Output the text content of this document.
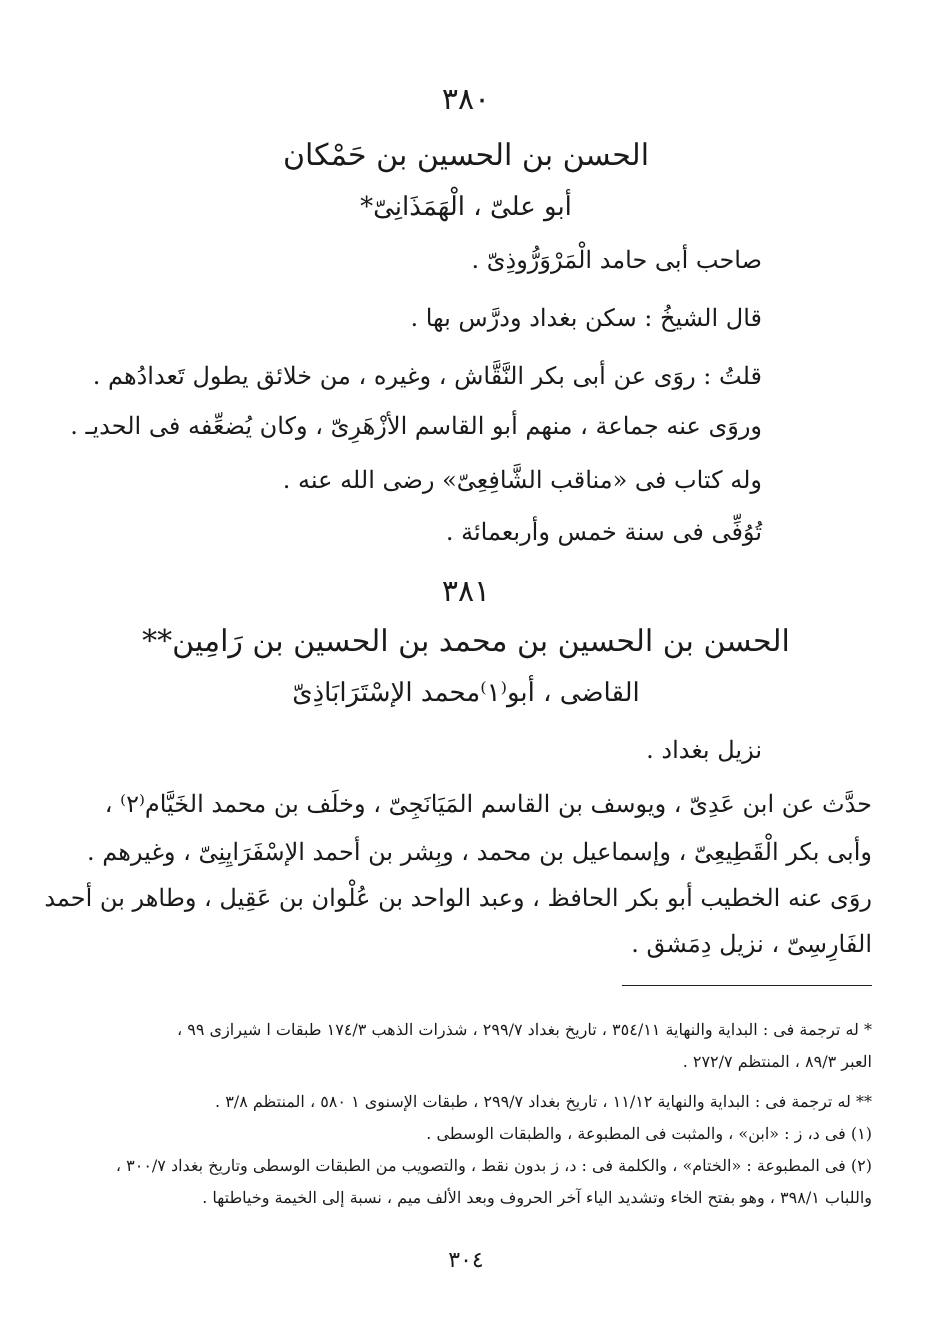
٣٨٠
الحسن بن الحسين بن حَمْكان
أبو علىّ ، الْهَمَذَانِىّ*
صاحب أبى حامد الْمَرْوَرُّوذِىّ .
قال الشيخُ : سكن بغداد ودرَّس بها .
قلتُ : روَى عن أبى بكر النَّقَّاش ، وغيره ، من خلائق يطول تَعدادُهم .
وروَى عنه جماعة ، منهم أبو القاسم الأزْهَرِىّ ، وكان يُضعِّفه فى الحديـ .
وله كتاب فى «مناقب الشَّافِعِىّ» رضى الله عنه .
تُوُفِّى فى سنة خمس وأربعمائة .
٣٨١
الحسن بن الحسين بن محمد بن الحسين بن رَامِين**
القاضى ، أبو⁽١⁾محمد الإسْتَرَابَاذِىّ
نزيل بغداد .
حدَّث عن ابن عَدِىّ ، ويوسف بن القاسم المَيَانَجِىّ ، وخلَف بن محمد الخَيَّام⁽٢⁾ ،
وأبى بكر الْقَطِيعِىّ ، وإسماعيل بن محمد ، وبِشر بن أحمد الإسْفَرَايِنِىّ ، وغيرهم .
روَى عنه الخطيب أبو بكر الحافظ ، وعبد الواحد بن عُلْوان بن عَقِيل ، وطاهر بن أحمد
الفَارِسِىّ ، نزيل دِمَشق .
* له ترجمة فى : البداية والنهاية ٣٥٤/١١ ، تاريخ بغداد ٢٩٩/٧ ، شذرات الذهب ١٧٤/٣ طبقات ا شيرازى ٩٩ ،
العبر ٨٩/٣ ، المنتظم ٢٧٢/٧ .
** له ترجمة فى : البداية والنهاية ١١/١٢ ، تاريخ بغداد ٢٩٩/٧ ، طبقات الإسنوى ١ ٥٨٠ ، المنتظم ٣/٨ .
(١) فى د، ز : «ابن» ، والمثبت فى المطبوعة ، والطبقات الوسطى .
(٢) فى المطبوعة : «الختام» ، والكلمة فى : د، ز بدون نقط ، والتصويب من الطبقات الوسطى وتاريخ بغداد ٣٠٠/٧ ،
واللباب ٣٩٨/١ ، وهو بفتح الخاء وتشديد الياء آخر الحروف وبعد الألف ميم ، نسبة إلى الخيمة وخياطتها .
٣٠٤
